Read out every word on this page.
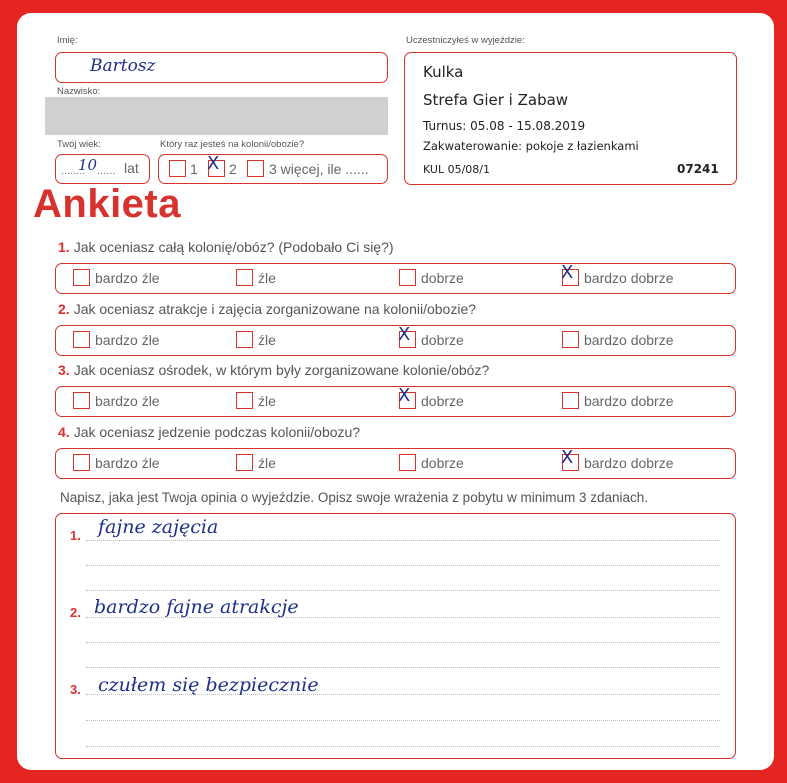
Imię:
Bartosz
Nazwisko:
Twój wiek:
........
10 ...... lat
Który raz jesteś na kolonii/obozie?
1 X 2 3 więcej, ile ......
Uczestniczyłeś w wyjeździe:
Kulka
Strefa Gier i Zabaw
Turnus: 05.08 - 15.08.2019
Zakwaterowanie: pokoje z łazienkami
KUL 05/08/1	07241
Ankieta
1. Jak oceniasz całą kolonię/obóz? (Podobało Ci się?)
bardzo źle	źle	dobrze	X bardzo dobrze
2. Jak oceniasz atrakcje i zajęcia zorganizowane na kolonii/obozie?
bardzo źle	źle	X dobrze	bardzo dobrze
3. Jak oceniasz ośrodek, w którym były zorganizowane kolonie/obóz?
bardzo źle	źle	X dobrze	bardzo dobrze
4. Jak oceniasz jedzenie podczas kolonii/obozu?
bardzo źle	źle	dobrze	X bardzo dobrze
Napisz, jaka jest Twoja opinia o wyjeździe. Opisz swoje wrażenia z pobytu w minimum 3 zdaniach.
1. fajne zajęcia
2. bardzo fajne atrakcje
3. czułem się bezpiecznie
